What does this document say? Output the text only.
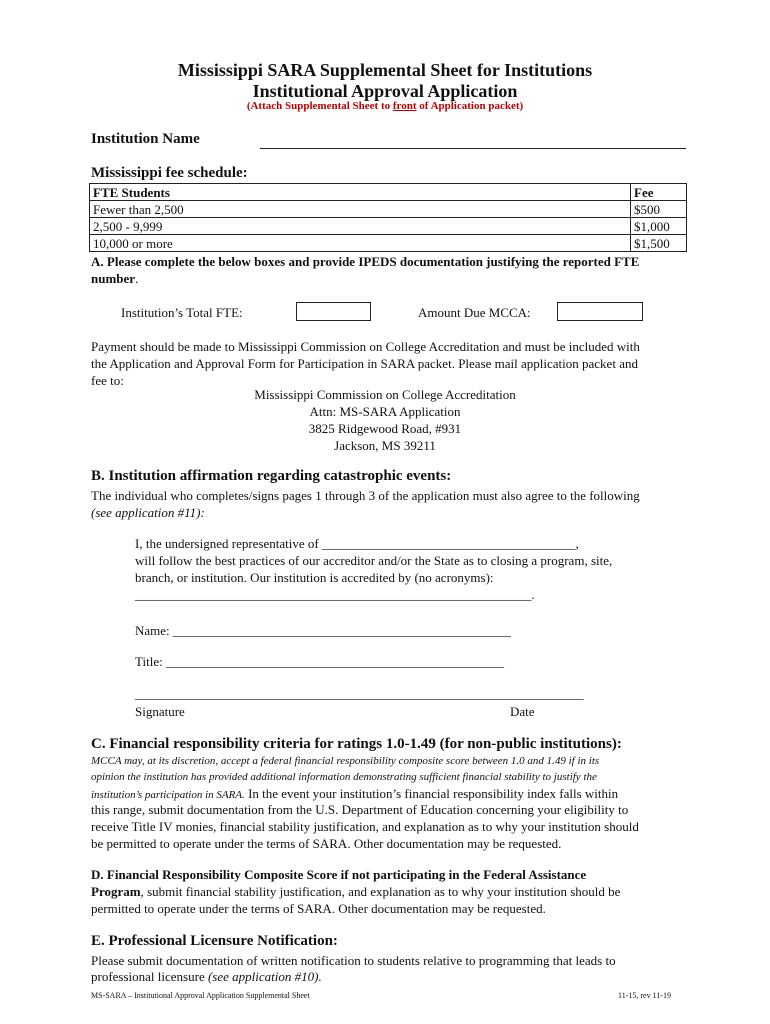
Mississippi SARA Supplemental Sheet for Institutions
Institutional Approval Application
(Attach Supplemental Sheet to front of Application packet)
Institution Name
Mississippi fee schedule:
FTE Students	Fee
Fewer than 2,500	$500
2,500 - 9,999	$1,000
10,000 or more	$1,500
A. Please complete the below boxes and provide IPEDS documentation justifying the reported FTE
number.
Institution’s Total FTE:	Amount Due MCCA:
Payment should be made to Mississippi Commission on College Accreditation and must be included with
the Application and Approval Form for Participation in SARA packet. Please mail application packet and
fee to:
Mississippi Commission on College Accreditation
Attn: MS-SARA Application
3825 Ridgewood Road, #931
Jackson, MS 39211
B. Institution affirmation regarding catastrophic events:
The individual who completes/signs pages 1 through 3 of the application must also agree to the following
(see application #11):
I, the undersigned representative of _______________________________________,
will follow the best practices of our accreditor and/or the State as to closing a program, site,
branch, or institution. Our institution is accredited by (no acronyms):
_____________________________________________________________.
Name: ____________________________________________________
Title: ____________________________________________________
_____________________________________________________________________
Signature	Date
C. Financial responsibility criteria for ratings 1.0-1.49 (for non-public institutions):
MCCA may, at its discretion, accept a federal financial responsibility composite score between 1.0 and 1.49 if in its
opinion the institution has provided additional information demonstrating sufficient financial stability to justify the
institution’s participation in SARA. In the event your institution’s financial responsibility index falls within
this range, submit documentation from the U.S. Department of Education concerning your eligibility to
receive Title IV monies, financial stability justification, and explanation as to why your institution should
be permitted to operate under the terms of SARA. Other documentation may be requested.
D. Financial Responsibility Composite Score if not participating in the Federal Assistance
Program, submit financial stability justification, and explanation as to why your institution should be
permitted to operate under the terms of SARA. Other documentation may be requested.
E. Professional Licensure Notification:
Please submit documentation of written notification to students relative to programming that leads to
professional licensure (see application #10).
MS-SARA – Institutional Approval Application Supplemental Sheet	11-15, rev 11-19
